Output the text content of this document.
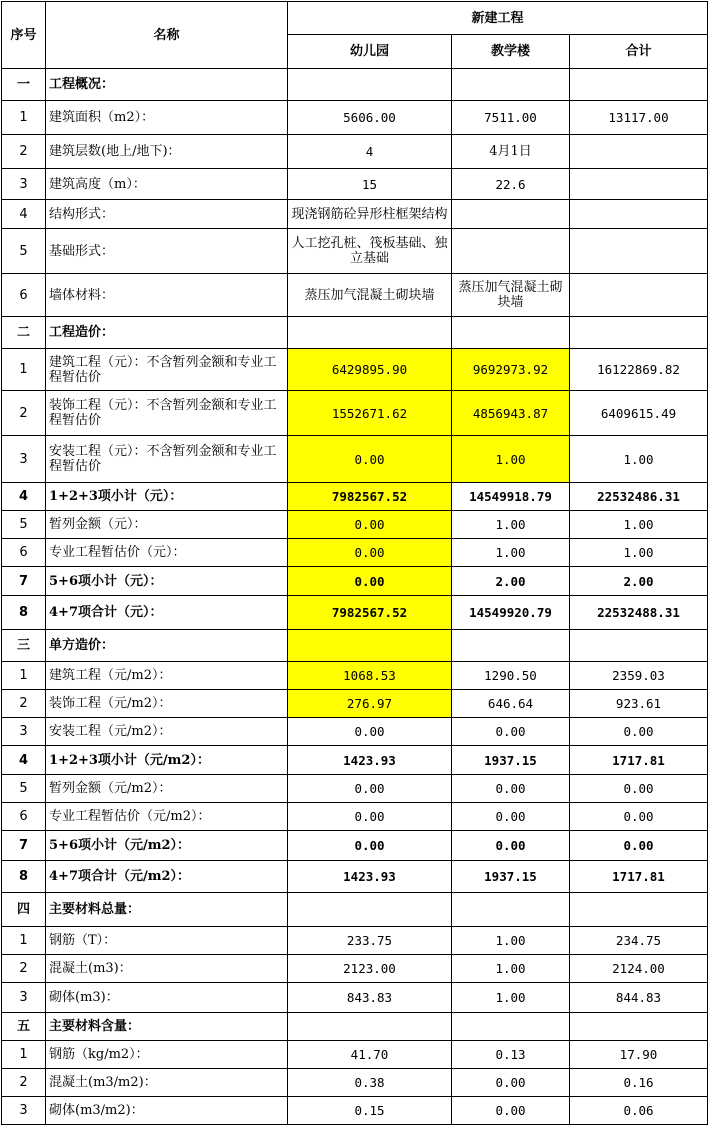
序号	名称	新建工程		
		幼儿园	教学楼	合计
一	工程概况：			
1	建筑面积（m2）：	5606.00	7511.00	13117.00
2	建筑层数(地上/地下)：	4	4月1日	
3	建筑高度（m）：	15	22.6	
4	结构形式：	现浇钢筋砼异形柱框架结构		
5	基础形式：	人工挖孔桩、筏板基础、独立基础		
6	墙体材料：	蒸压加气混凝土砌块墙	蒸压加气混凝土砌块墙	
二	工程造价：			
1	建筑工程（元）：不含暂列金额和专业工程暂估价	6429895.90	9692973.92	16122869.82
2	装饰工程（元）：不含暂列金额和专业工程暂估价	1552671.62	4856943.87	6409615.49
3	安装工程（元）：不含暂列金额和专业工程暂估价	0.00	1.00	1.00
4	1+2+3项小计（元）：	7982567.52	14549918.79	22532486.31
5	暂列金额（元）：	0.00	1.00	1.00
6	专业工程暂估价（元）：	0.00	1.00	1.00
7	5+6项小计（元）：	0.00	2.00	2.00
8	4+7项合计（元）：	7982567.52	14549920.79	22532488.31
三	单方造价：			
1	建筑工程（元/m2）：	1068.53	1290.50	2359.03
2	装饰工程（元/m2）：	276.97	646.64	923.61
3	安装工程（元/m2）：	0.00	0.00	0.00
4	1+2+3项小计（元/m2）：	1423.93	1937.15	1717.81
5	暂列金额（元/m2）：	0.00	0.00	0.00
6	专业工程暂估价（元/m2）：	0.00	0.00	0.00
7	5+6项小计（元/m2）：	0.00	0.00	0.00
8	4+7项合计（元/m2）：	1423.93	1937.15	1717.81
四	主要材料总量：			
1	钢筋（T）：	233.75	1.00	234.75
2	混凝土(m3)：	2123.00	1.00	2124.00
3	砌体(m3)：	843.83	1.00	844.83
五	主要材料含量：			
1	钢筋（kg/m2）：	41.70	0.13	17.90
2	混凝土(m3/m2)：	0.38	0.00	0.16
3	砌体(m3/m2)：	0.15	0.00	0.06
